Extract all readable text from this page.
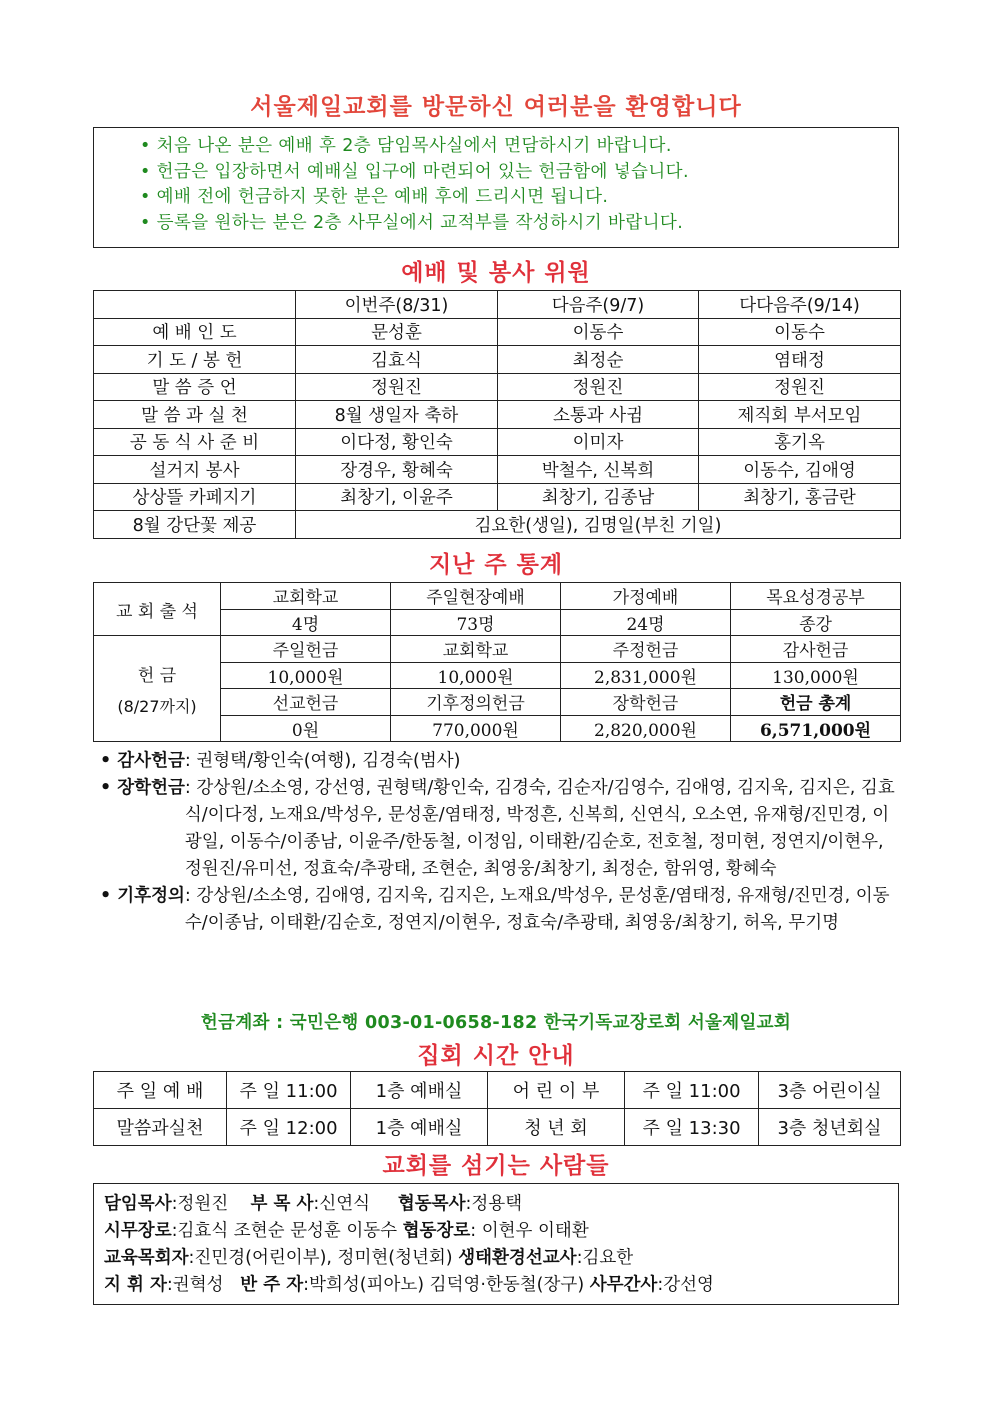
서울제일교회를 방문하신 여러분을 환영합니다
• 처음 나온 분은 예배 후 2층 담임목사실에서 면담하시기 바랍니다.
• 헌금은 입장하면서 예배실 입구에 마련되어 있는 헌금함에 넣습니다.
• 예배 전에 헌금하지 못한 분은 예배 후에 드리시면 됩니다.
• 등록을 원하는 분은 2층 사무실에서 교적부를 작성하시기 바랍니다.
예배 및 봉사 위원
	이번주(8/31)	다음주(9/7)	다다음주(9/14)
예 배 인 도	문성훈	이동수	이동수
기 도 / 봉 헌	김효식	최정순	염태정
말 씀 증 언	정원진	정원진	정원진
말 씀 과 실 천	8월 생일자 축하	소통과 사귐	제직회 부서모임
공 동 식 사 준 비	이다정, 황인숙	이미자	홍기옥
설거지 봉사	장경우, 황혜숙	박철수, 신복희	이동수, 김애영
상상뜰 카페지기	최창기, 이윤주	최창기, 김종남	최창기, 홍금란
8월 강단꽃 제공	김요한(생일), 김명일(부친 기일)		
지난 주 통계
교 회 출 석	교회학교	주일현장예배	가정예배	목요성경공부
	4명	73명	24명	종강

헌 금
(8/27까지)	주일헌금	교회학교	주정헌금	감사헌금
	10,000원	10,000원	2,831,000원	130,000원
	선교헌금	기후정의헌금	장학헌금	헌금 총계
	0원	770,000원	2,820,000원	6,571,000원
• 감사헌금 : 권형택/황인숙(여행), 김경숙(범사)
• 장학헌금 : 강상원/소소영, 강선영, 권형택/황인숙, 김경숙, 김순자/김영수, 김애영, 김지욱, 김지은, 김효식/이다정, 노재요/박성우, 문성훈/염태정, 박정흔, 신복희, 신연식, 오소연, 유재형/진민경, 이광일, 이동수/이종남, 이윤주/한동철, 이정임, 이태환/김순호, 전호철, 정미현, 정연지/이현우, 정원진/유미선, 정효숙/추광태, 조현순, 최영웅/최창기, 최정순, 함위영, 황혜숙
• 기후정의 : 강상원/소소영, 김애영, 김지욱, 김지은, 노재요/박성우, 문성훈/염태정, 유재형/진민경, 이동수/이종남, 이태환/김순호, 정연지/이현우, 정효숙/추광태, 최영웅/최창기, 허옥, 무기명
헌금계좌 : 국민은행 003-01-0658-182 한국기독교장로회 서울제일교회
집회 시간 안내
주 일 예 배	주 일 11:00	1층 예배실	어 린 이 부	주 일 11:00	3층 어린이실
말씀과실천	주 일 12:00	1층 예배실	청 년 회	주 일 13:30	3층 청년회실
교회를 섬기는 사람들
담임목사:정원진 부 목 사:신연식 협동목사:정용택
시무장로:김효식 조현순 문성훈 이동수 협동장로: 이현우 이태환
교육목회자:진민경(어린이부), 정미현(청년회) 생태환경선교사:김요한
지 휘 자:권혁성 반 주 자:박희성(피아노) 김덕영·한동철(장구) 사무간사:강선영
